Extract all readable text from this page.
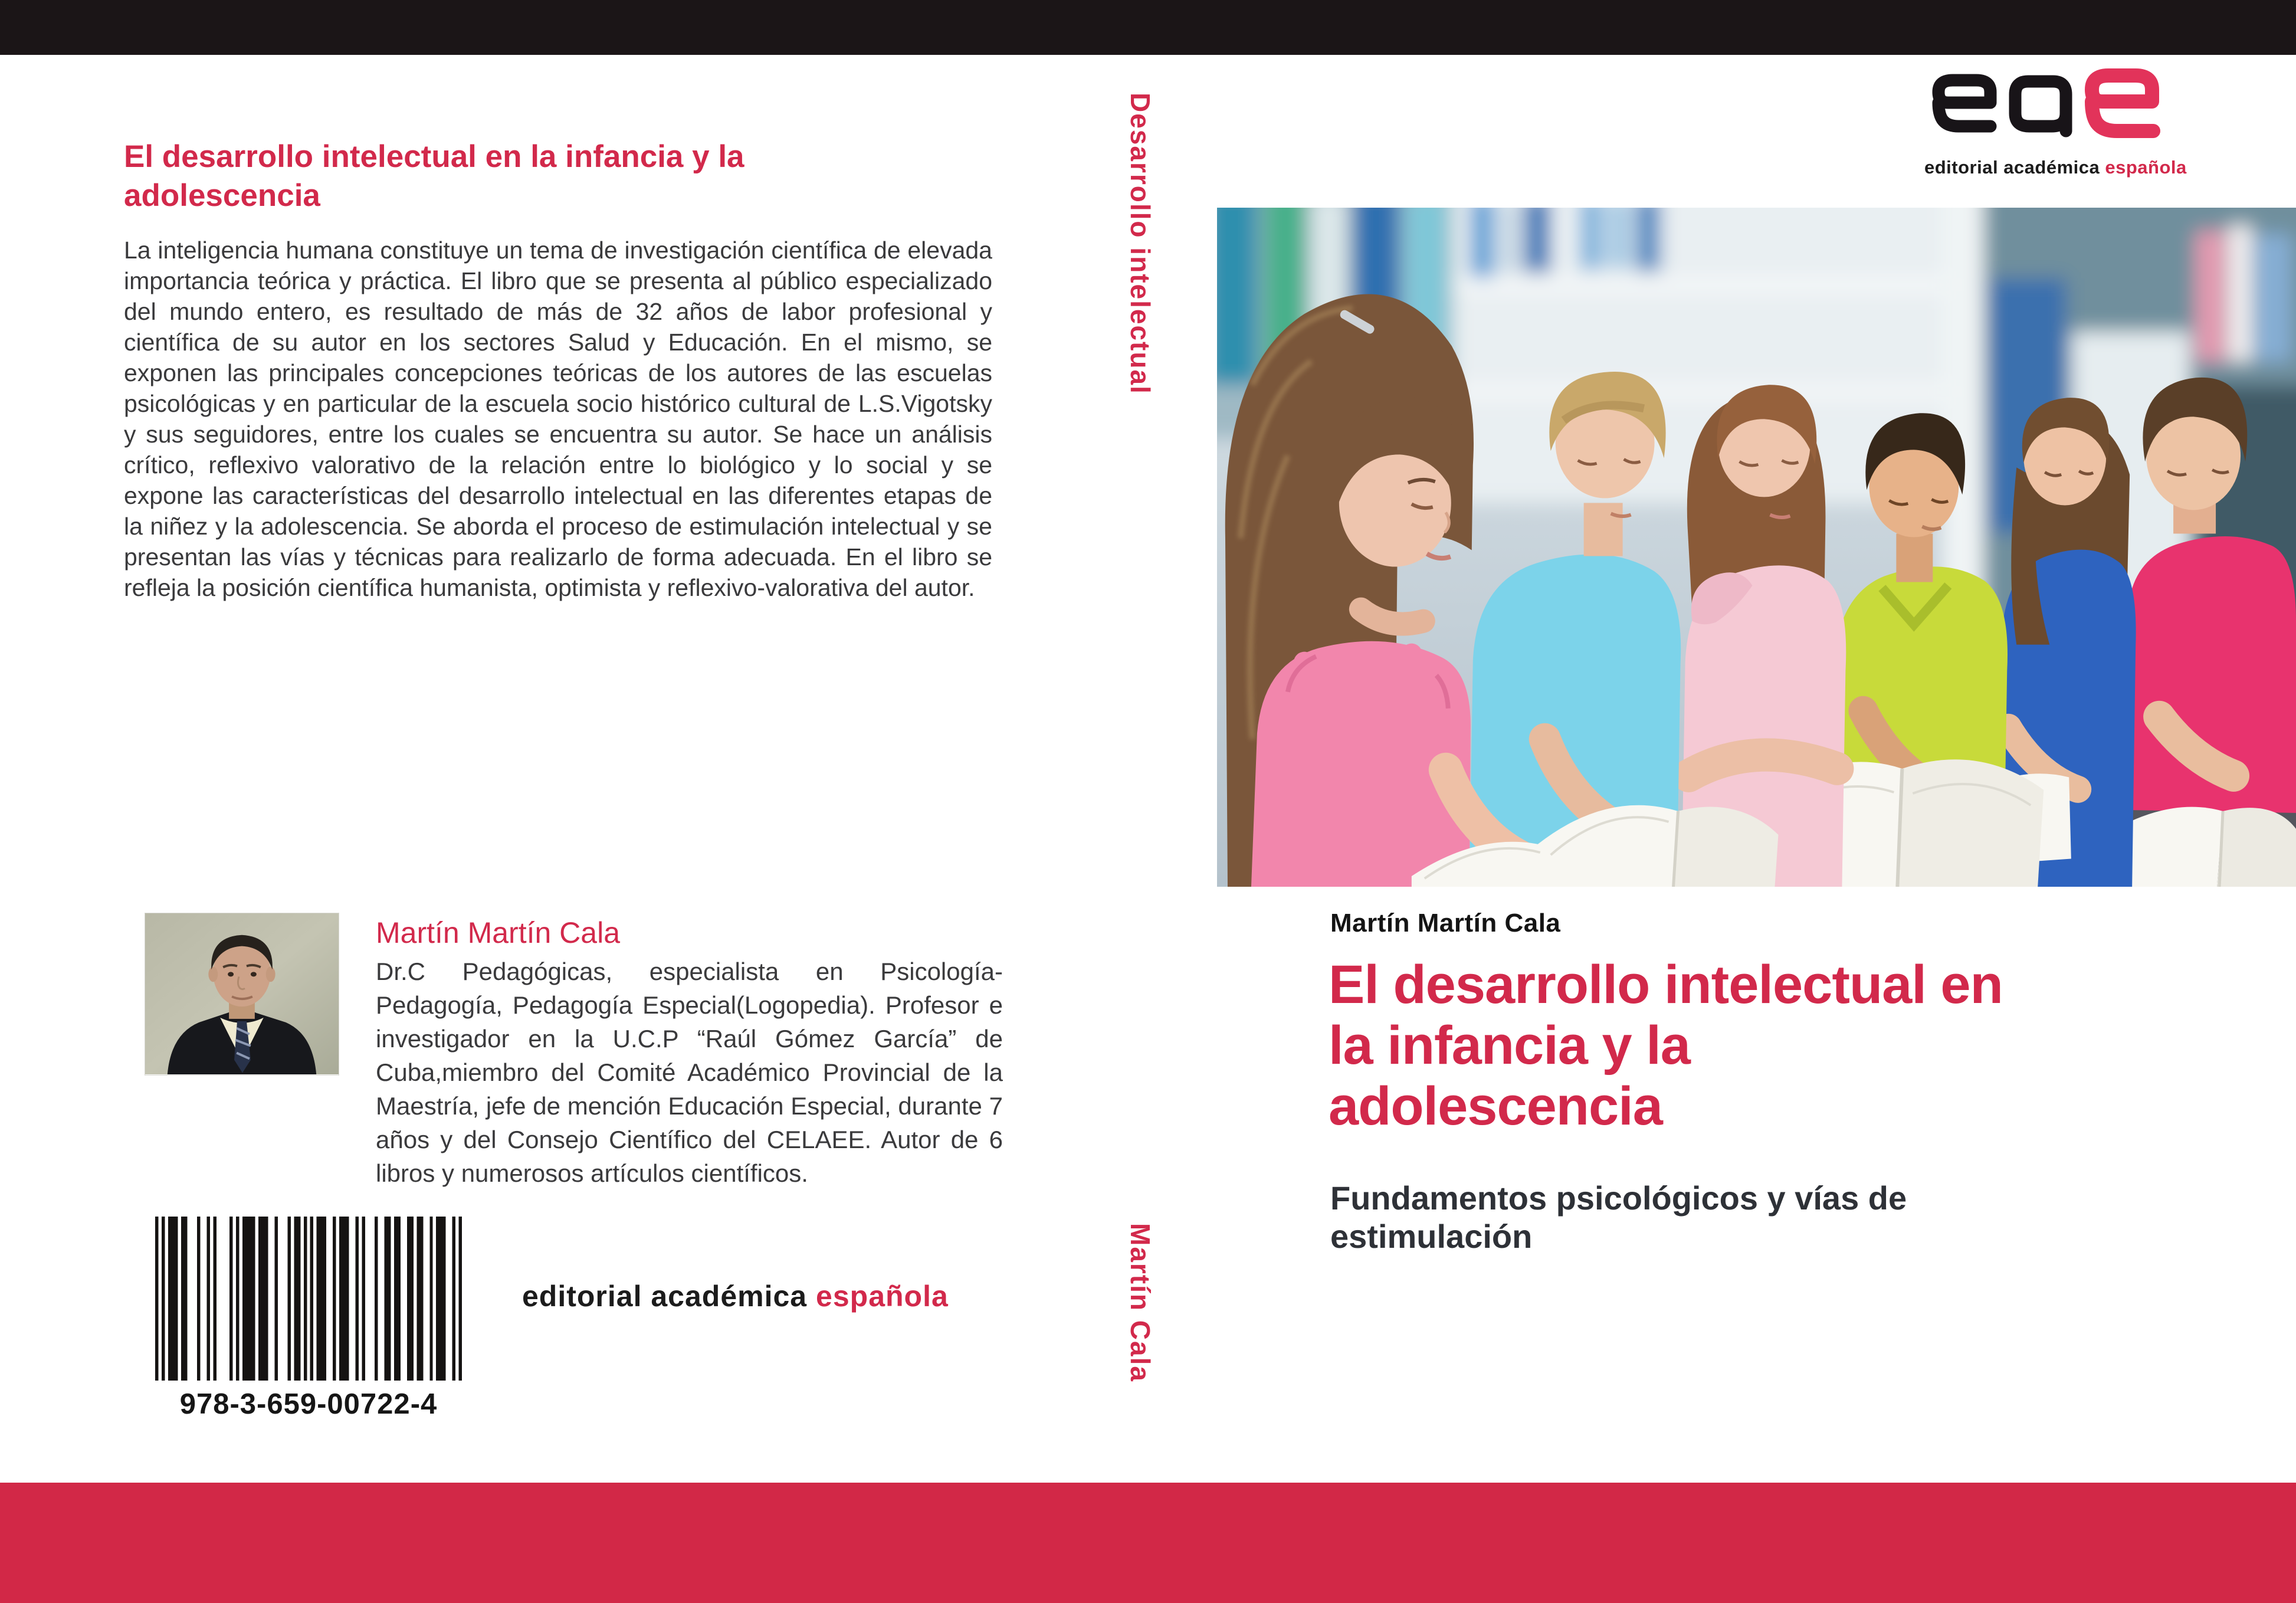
El desarrollo intelectual en la infancia y la
adolescencia
La inteligencia humana constituye un tema de investigación científica de elevada importancia teórica y práctica. El libro que se presenta al público especializado del mundo entero, es resultado de más de 32 años de labor profesional y científica de su autor en los sectores Salud y Educación. En el mismo, se exponen las principales concepciones teóricas de los autores de las escuelas psicológicas y en particular de la escuela socio histórico cultural de L.S.Vigotsky y sus seguidores, entre los cuales se encuentra su autor. Se hace un análisis crítico, reflexivo valorativo de la relación entre lo biológico y lo social y se expone las características del desarrollo intelectual en las diferentes etapas de la niñez y la adolescencia. Se aborda el proceso de estimulación intelectual y se presentan las vías y técnicas para realizarlo de forma adecuada. En el libro se refleja la posición científica humanista, optimista y reflexivo-valorativa del autor.
Martín Martín Cala
Dr.C Pedagógicas, especialista en Psicología-Pedagogía, Pedagogía Especial(Logopedia). Profesor e investigador en la U.C.P “Raúl Gómez García” de Cuba,miembro del Comité Académico Provincial de la Maestría, jefe de mención Educación Especial, durante 7 años y del Consejo Científico del CELAEE. Autor de 6 libros y numerosos artículos científicos.
978-3-659-00722-4
editorial académica española
Desarrollo intelectual
Martín Cala
editorial académica española
Martín Martín Cala
El desarrollo intelectual en
la infancia y la
adolescencia
Fundamentos psicológicos y vías de
estimulación
